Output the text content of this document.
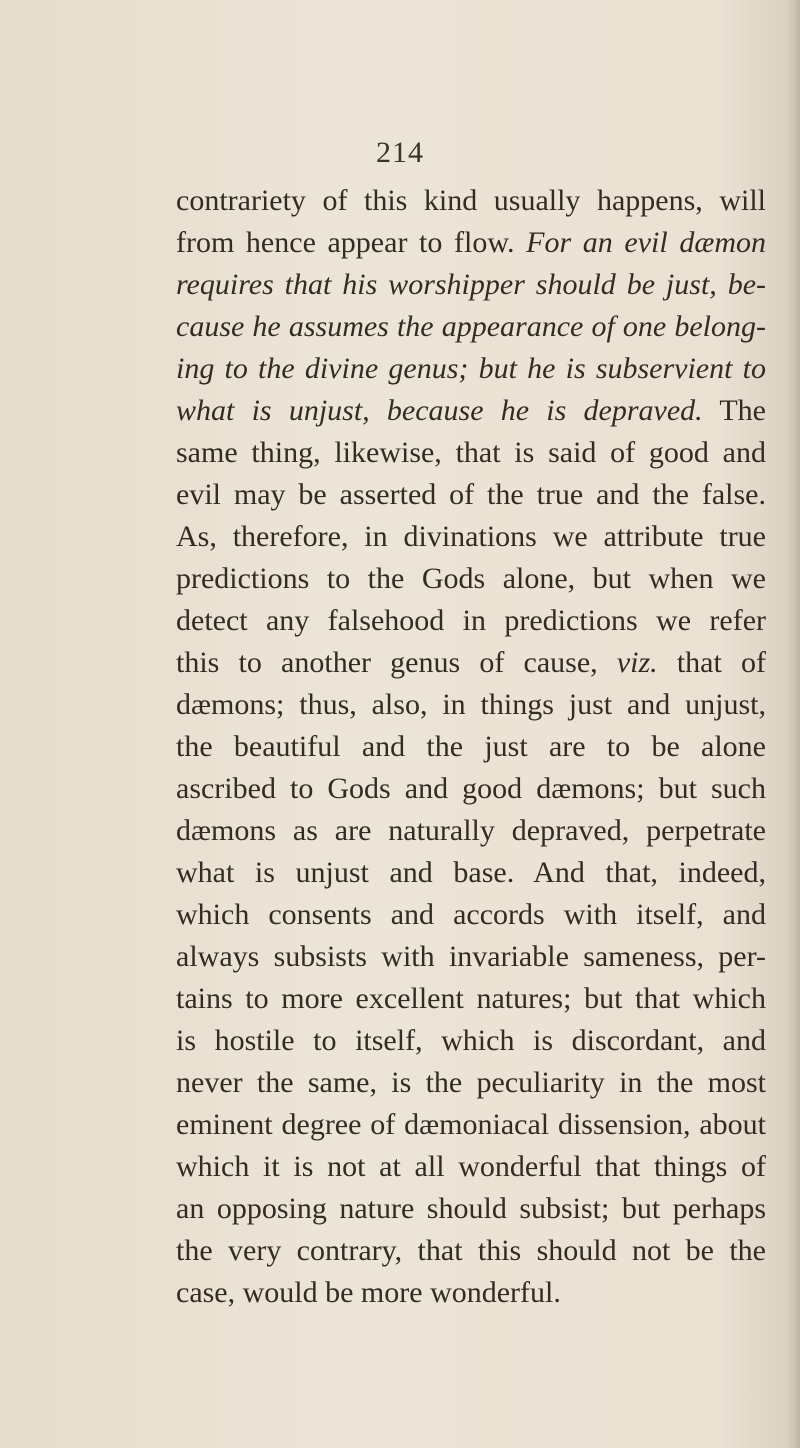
214

contrariety of this kind usually happens, will
from hence appear to flow. For an evil dæmon
requires that his worshipper should be just, be-
cause he assumes the appearance of one belong-
ing to the divine genus; but he is subservient to
what is unjust, because he is depraved. The
same thing, likewise, that is said of good and
evil may be asserted of the true and the false.
As, therefore, in divinations we attribute true
predictions to the Gods alone, but when we
detect any falsehood in predictions we refer
this to another genus of cause, viz. that of
dæmons; thus, also, in things just and unjust,
the beautiful and the just are to be alone
ascribed to Gods and good dæmons; but such
dæmons as are naturally depraved, perpetrate
what is unjust and base. And that, indeed,
which consents and accords with itself, and
always subsists with invariable sameness, per-
tains to more excellent natures; but that which
is hostile to itself, which is discordant, and
never the same, is the peculiarity in the most
eminent degree of dæmoniacal dissension, about
which it is not at all wonderful that things of
an opposing nature should subsist; but perhaps
the very contrary, that this should not be the
case, would be more wonderful.
